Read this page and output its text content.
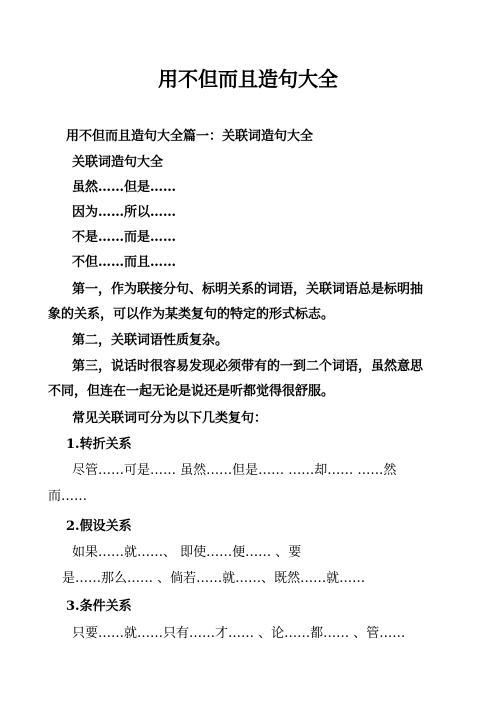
用不但而且造句大全
用不但而且造句大全篇一：关联词造句大全
关联词造句大全
虽然……但是……
因为……所以……
不是……而是……
不但……而且……
第一，作为联接分句、标明关系的词语，关联词语总是标明抽
象的关系，可以作为某类复句的特定的形式标志。
第二，关联词语性质复杂。
第三，说话时很容易发现必须带有的一到二个词语，虽然意思
不同，但连在一起无论是说还是听都觉得很舒服。
常见关联词可分为以下几类复句：
1.转折关系
尽管……可是…… 虽然……但是…… ……却…… ……然
而……
2.假设关系
如果……就……、 即使……便…… 、要
是……那么…… 、倘若……就……、既然……就……
3.条件关系
只要……就……只有……才…… 、论……都…… 、管……
